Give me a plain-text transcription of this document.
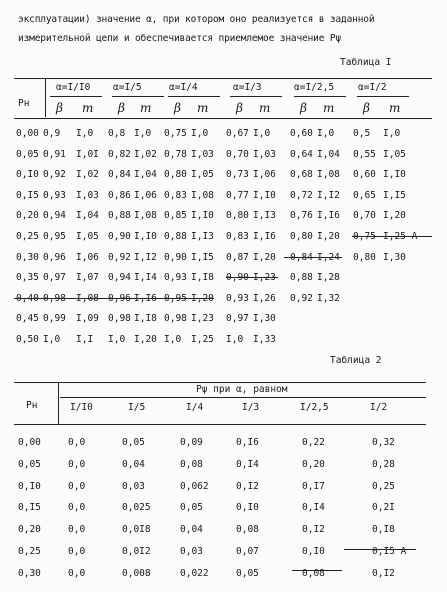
эксплуатации) значение α, при котором оно реализуется в заданной
измерительной цепи и обеспечивается приемлемое значение Pψ
Таблица I
Pн
α=I/I0 α=I/5	α=I/4	α=I/3	α=I/2,5	α=I/2
β m β m β m β m β m β m
0,00 0,9 I,0 0,8 I,0 0,75 I,0 0,67 I,0 0,60 I,0 0,5 I,0
0,05 0,91 I,0I 0,82 I,02 0,78 I,03 0,70 I,03 0,64 I,04 0,55 I,05
0,I0 0,92 I,02 0,84 I,04 0,80 I,05 0,73 I,06 0,68 I,08 0,60 I,I0
0,I5 0,93 I,03 0,86 I,06 0,83 I,08 0,77 I,I0 0,72 I,I2 0,65 I,I5
0,20 0,94 I,04 0,88 I,08 0,85 I,I0 0,80 I,I3 0,76 I,I6 0,70 I,20
0,25 0,95 I,05 0,90 I,I0 0,88 I,I3 0,83 I,I6 0,80 I,20 0,75 I,25 A
0,30 0,96 I,06 0,92 I,I2 0,90 I,I5 0,87 I,20 0,84 I,24 0,80 I,30
0,35 0,97 I,07 0,94 I,I4 0,93 I,I8 0,90 I,23 0,88 I,28
0,40 0,98 I,08 0,96 I,I6 0,95 I,20 0,93 I,26 0,92 I,32
0,45 0,99 I,09 0,98 I,I8 0,98 I,23 0,97 I,30
0,50 I,0 I,I I,0 I,20 I,0 I,25 I,0 I,33
Таблица 2
Pн
Pψ при α, равном
I/I0	I/5	I/4	I/3	I/2,5	I/2
0,00	0,0	0,05	0,09	0,I6	0,22	0,32
0,05	0,0	0,04	0,08	0,I4	0,20	0,28
0,I0	0,0	0,03	0,062	0,I2	0,I7	0,25
0,I5	0,0	0,025	0,05	0,I0	0,I4	0,2I
0,20	0,0	0,0I8	0,04	0,08	0,I2	0,I8
0,25	0,0	0,0I2	0,03	0,07	0,I0	0,I5 A
0,30	0,0	0,008	0,022	0,05	0,08	0,I2
